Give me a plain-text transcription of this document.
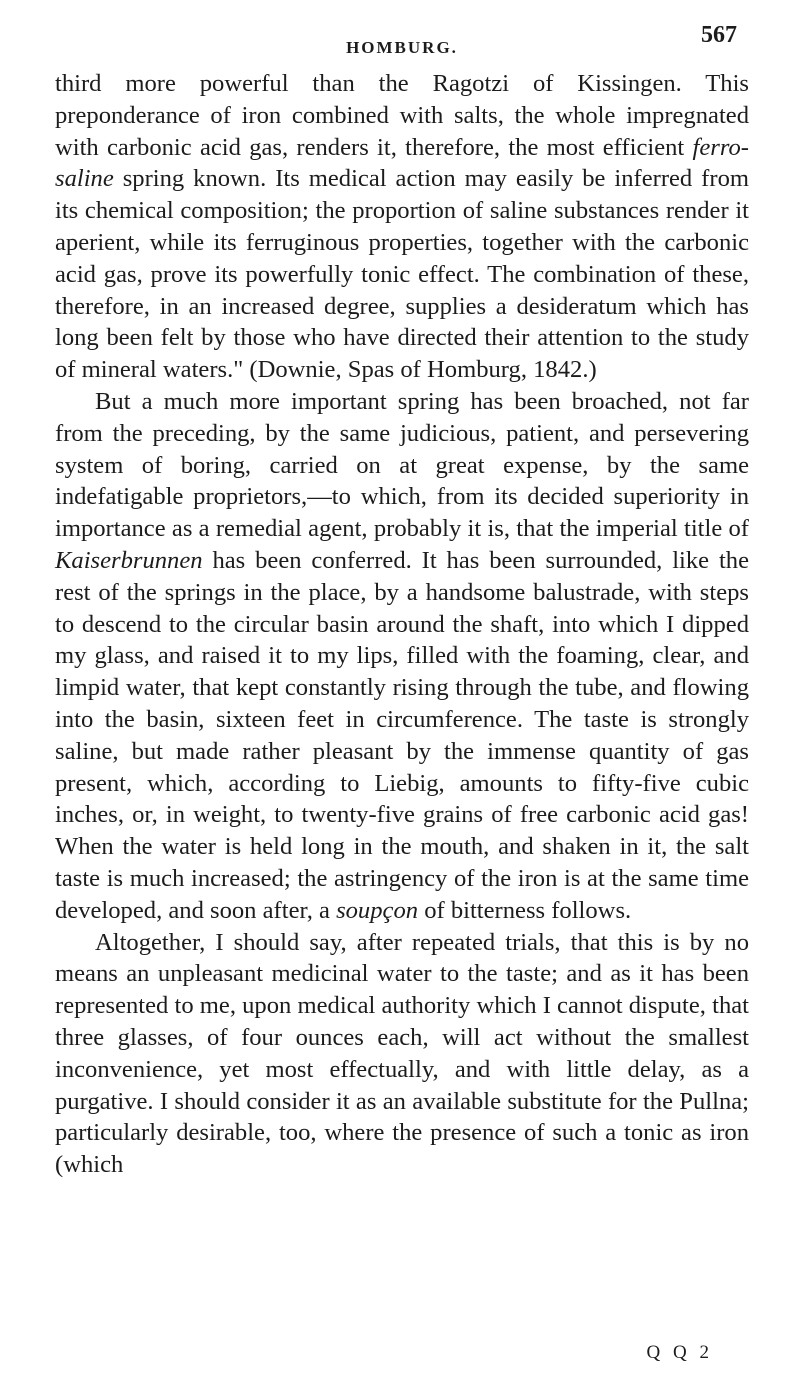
HOMBURG.	567

third more powerful than the Ragotzi of Kissingen. This preponderance of iron combined with salts, the whole impregnated with carbonic acid gas, renders it, therefore, the most efficient ferro-saline spring known. Its medical action may easily be inferred from its chemical composition; the proportion of saline substances render it aperient, while its ferruginous properties, together with the carbonic acid gas, prove its powerfully tonic effect. The combination of these, therefore, in an increased degree, supplies a desideratum which has long been felt by those who have directed their attention to the study of mineral waters." (Downie, Spas of Homburg, 1842.)

But a much more important spring has been broached, not far from the preceding, by the same judicious, patient, and persevering system of boring, carried on at great expense, by the same indefatigable proprietors,—to which, from its decided superiority in importance as a remedial agent, probably it is, that the imperial title of Kaiserbrunnen has been conferred. It has been surrounded, like the rest of the springs in the place, by a handsome balustrade, with steps to descend to the circular basin around the shaft, into which I dipped my glass, and raised it to my lips, filled with the foaming, clear, and limpid water, that kept constantly rising through the tube, and flowing into the basin, sixteen feet in circumference. The taste is strongly saline, but made rather pleasant by the immense quantity of gas present, which, according to Liebig, amounts to fifty-five cubic inches, or, in weight, to twenty-five grains of free carbonic acid gas! When the water is held long in the mouth, and shaken in it, the salt taste is much increased; the astringency of the iron is at the same time developed, and soon after, a soupçon of bitterness follows.

Altogether, I should say, after repeated trials, that this is by no means an unpleasant medicinal water to the taste; and as it has been represented to me, upon medical authority which I cannot dispute, that three glasses, of four ounces each, will act without the smallest inconvenience, yet most effectually, and with little delay, as a purgative. I should consider it as an available substitute for the Pullna; particularly desirable, too, where the presence of such a tonic as iron (which

Q Q 2
